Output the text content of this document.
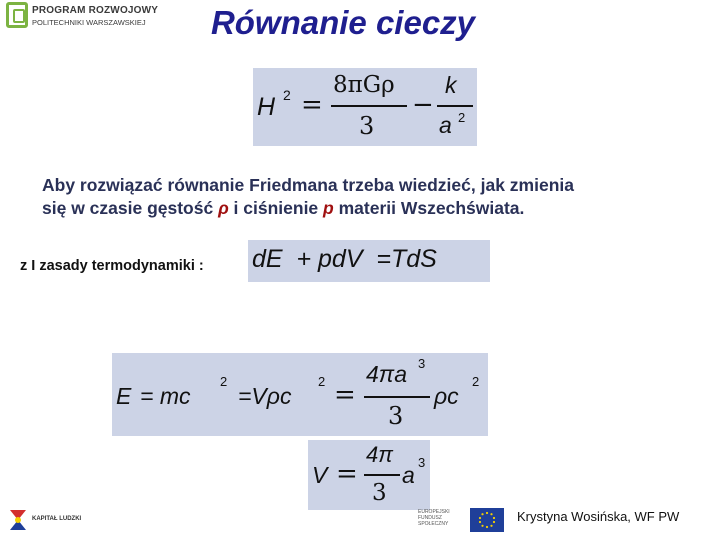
PROGRAM ROZWOJOWY
POLITECHNIKI WARSZAWSKIEJ	Równanie cieczy
H 2 =
8πGρ
3
−
k
a 2
Aby rozwiązać równanie Friedmana trzeba wiedzieć, jak zmienia
się w czasie gęstość ρ i ciśnienie p materii Wszechświata.
z I zasady termodynamiki : dE  + pdV  =TdS
E = mc
2
=Vρc
2 =
4πa 3
3
ρc
2
V =
4π
3
a 3
KAPITAŁ LUDZKI
EUROPEJSKI FUNDUSZ SPOŁECZNY	Krystyna Wosińska, WF PW
